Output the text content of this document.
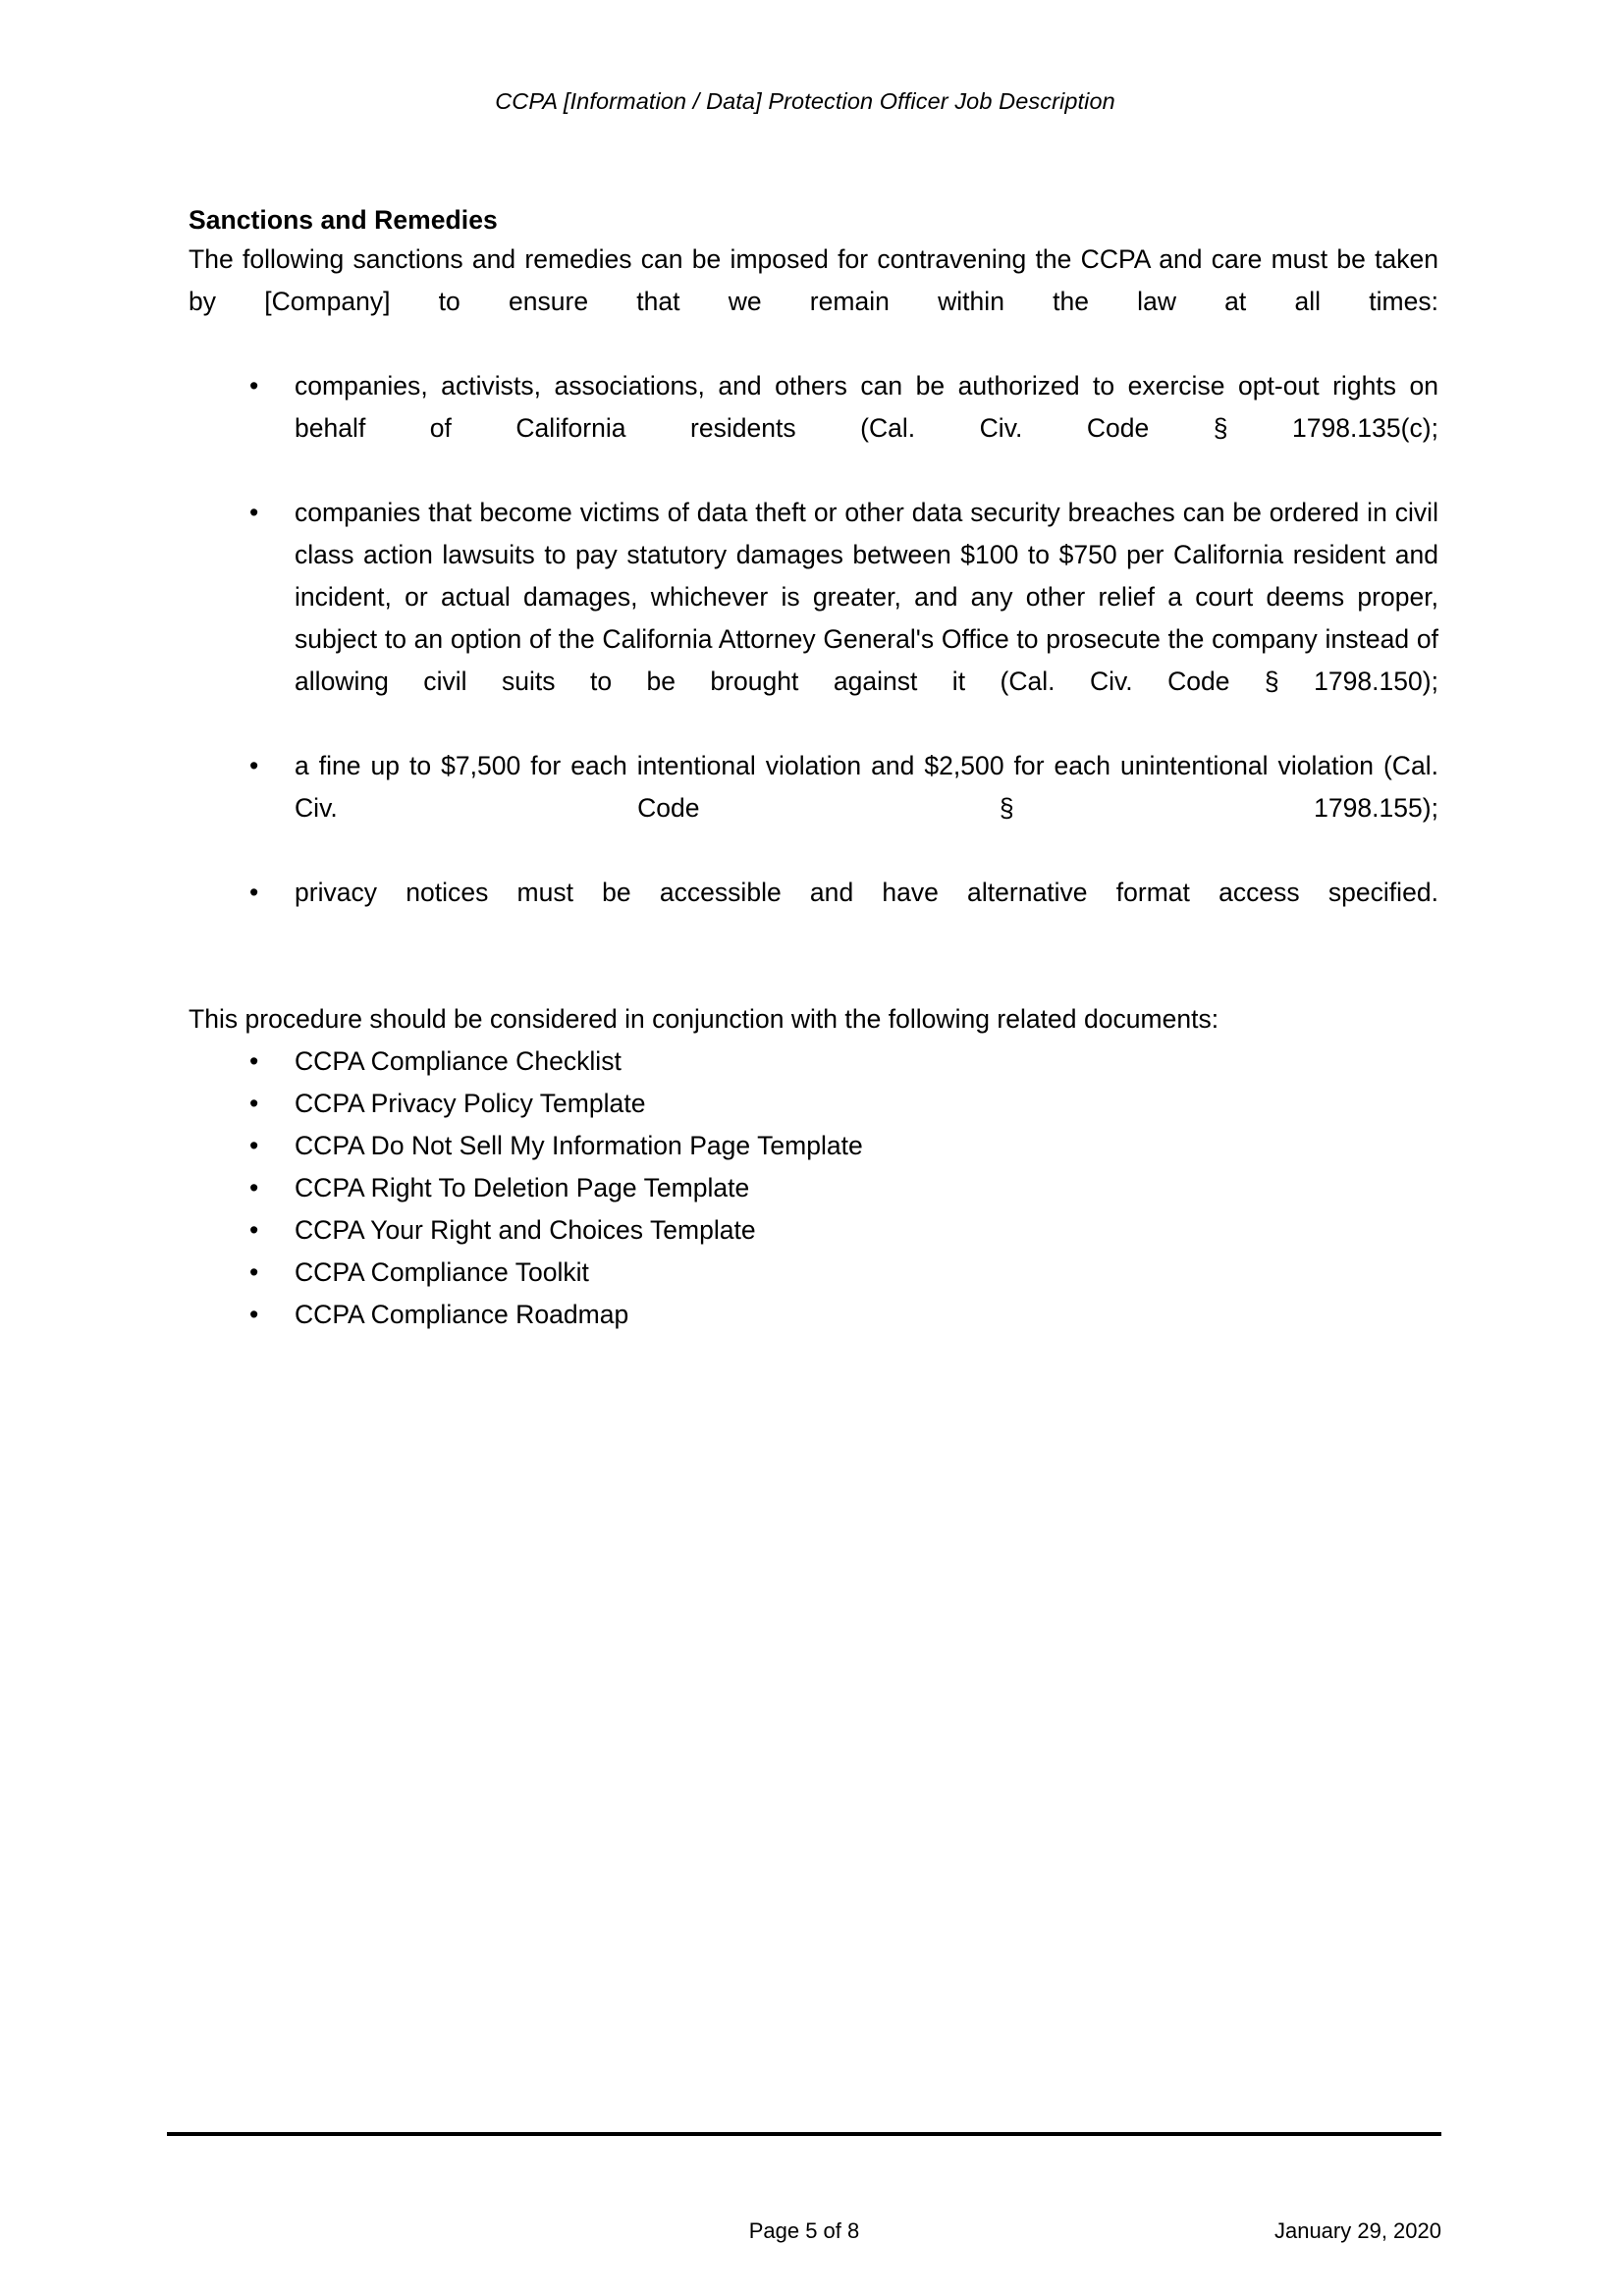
CCPA [Information / Data] Protection Officer Job Description
Sanctions and Remedies

The following sanctions and remedies can be imposed for contravening the CCPA and care must be taken by [Company] to ensure that we remain within the law at all times:

• companies, activists, associations, and others can be authorized to exercise opt-out rights on behalf of California residents (Cal. Civ. Code § 1798.135(c);
• companies that become victims of data theft or other data security breaches can be ordered in civil class action lawsuits to pay statutory damages between $100 to $750 per California resident and incident, or actual damages, whichever is greater, and any other relief a court deems proper, subject to an option of the California Attorney General's Office to prosecute the company instead of allowing civil suits to be brought against it (Cal. Civ. Code § 1798.150);
• a fine up to $7,500 for each intentional violation and $2,500 for each unintentional violation (Cal. Civ. Code § 1798.155);
• privacy notices must be accessible and have alternative format access specified.

This procedure should be considered in conjunction with the following related documents:

• CCPA Compliance Checklist
• CCPA Privacy Policy Template
• CCPA Do Not Sell My Information Page Template
• CCPA Right To Deletion Page Template
• CCPA Your Right and Choices Template
• CCPA Compliance Toolkit
• CCPA Compliance Roadmap
Page 5 of 8	January 29, 2020
